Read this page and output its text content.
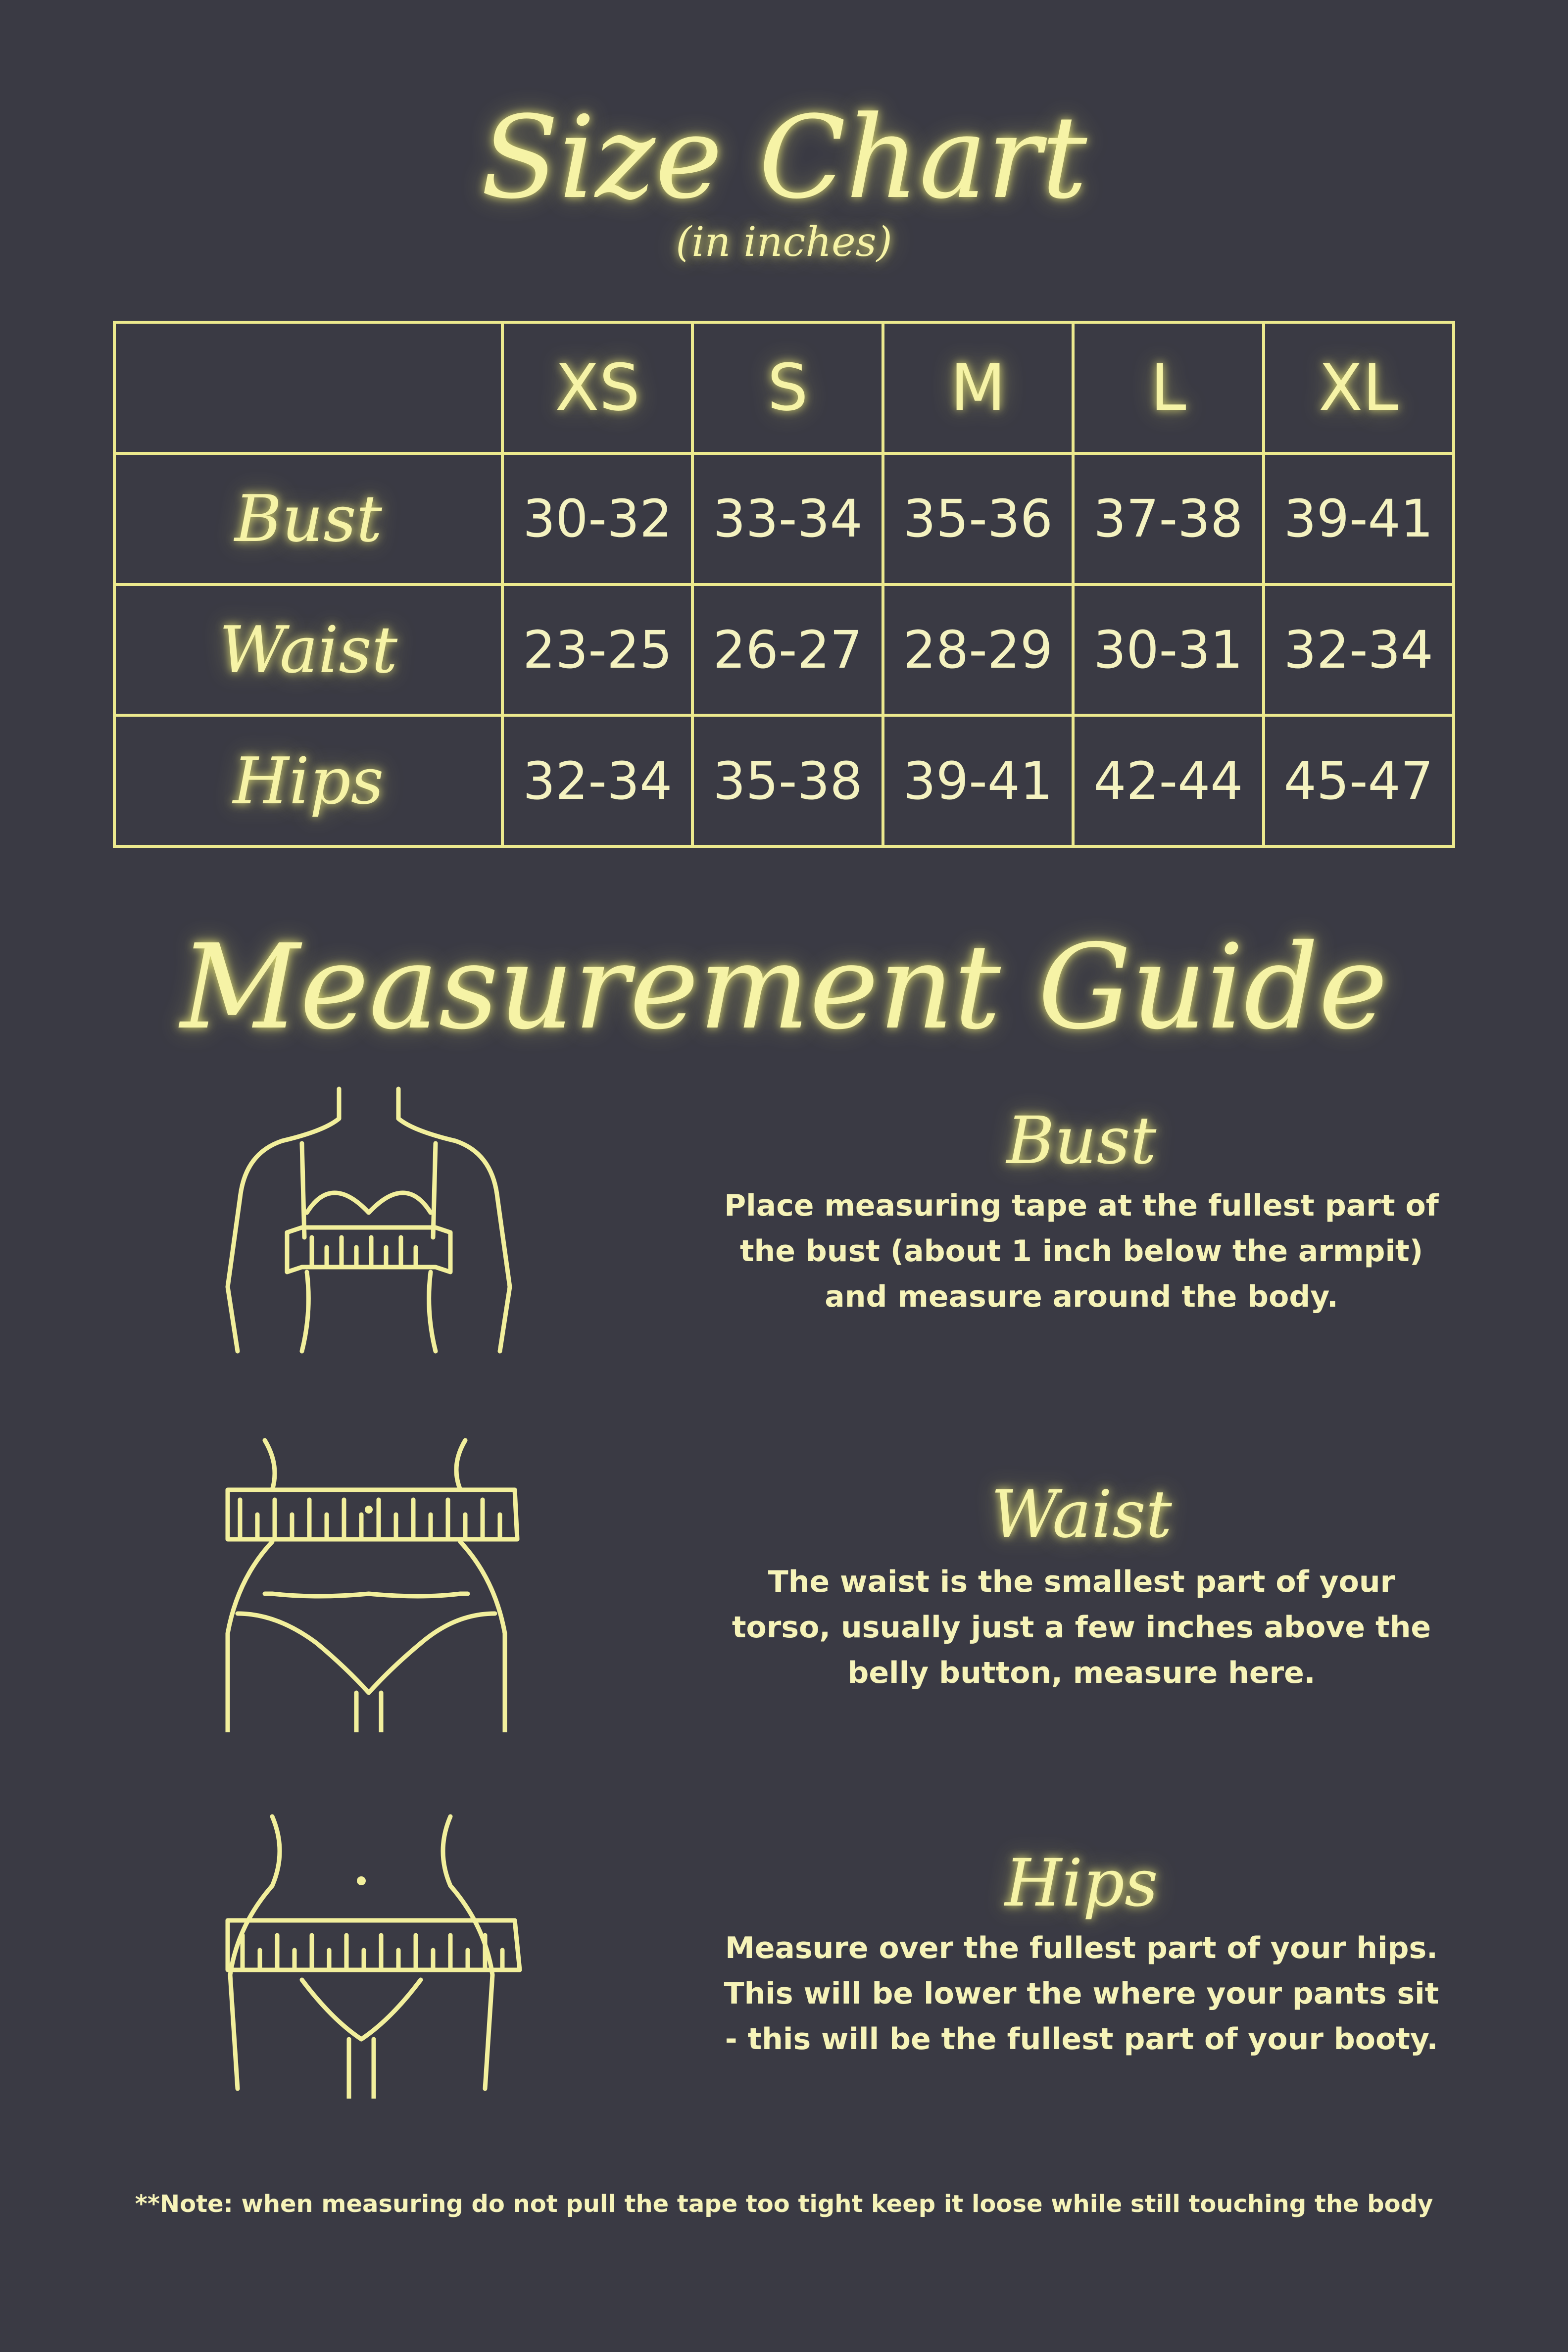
Size Chart
(in inches)
	XS	S	M	L	XL
Bust	30-32	33-34	35-36	37-38	39-41
Waist	23-25	26-27	28-29	30-31	32-34
Hips	32-34	35-38	39-41	42-44	45-47
Measurement Guide
Bust
Place measuring tape at the fullest part of
the bust (about 1 inch below the armpit)
and measure around the body.
Waist
The waist is the smallest part of your
torso, usually just a few inches above the
belly button, measure here.
Hips
Measure over the fullest part of your hips.
This will be lower the where your pants sit
- this will be the fullest part of your booty.
**Note: when measuring do not pull the tape too tight keep it loose while still touching the body
